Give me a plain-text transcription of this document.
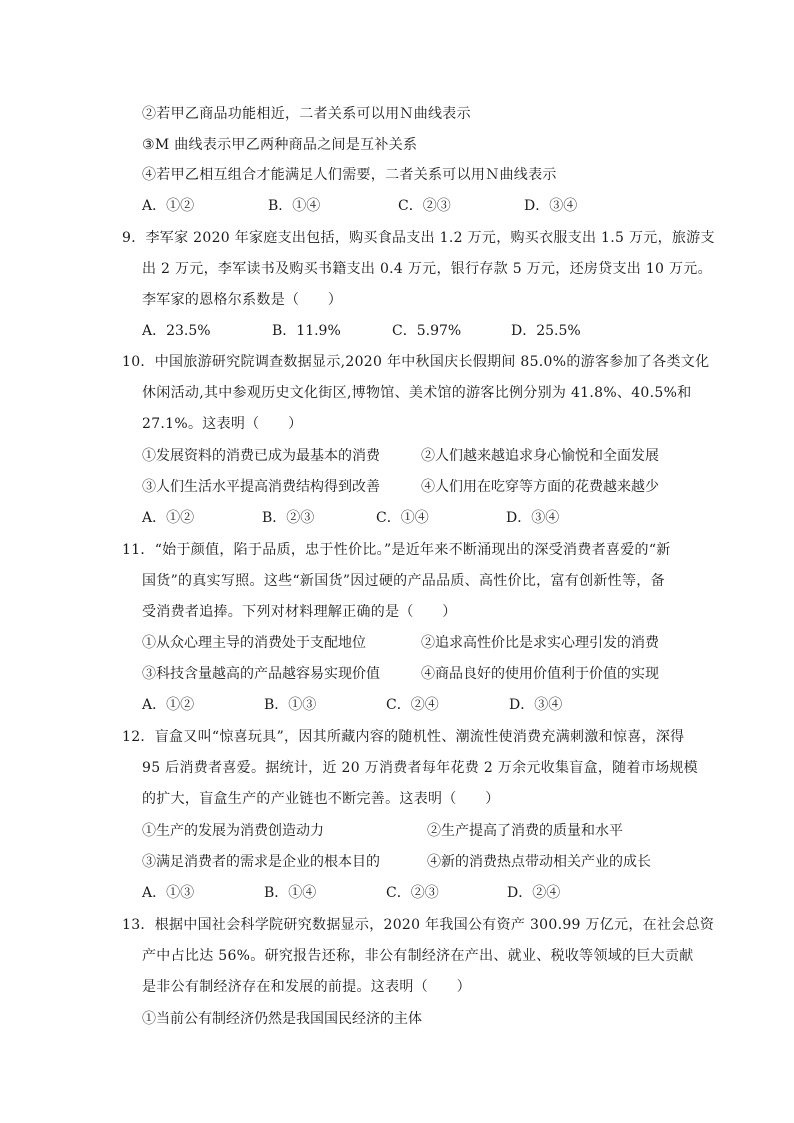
②若甲乙商品功能相近，二者关系可以用Ｎ曲线表示
③M 曲线表示甲乙两种商品之间是互补关系
④若甲乙相互组合才能满足人们需要，二者关系可以用Ｎ曲线表示
A．①②	B．①④	C．②③	D．③④
9．李军家 2020 年家庭支出包括，购买食品支出 1.2 万元，购买衣服支出 1.5 万元，旅游支
出 2 万元，李军读书及购买书籍支出 0.4 万元，银行存款 5 万元，还房贷支出 10 万元。
李军家的恩格尔系数是（　　）
A．23.5%	B．11.9%	C．5.97%	D．25.5%
10．中国旅游研究院调查数据显示,2020 年中秋国庆长假期间 85.0%的游客参加了各类文化
休闲活动,其中参观历史文化街区,博物馆、美术馆的游客比例分别为 41.8%、40.5%和
27.1%。这表明（　　）
①发展资料的消费已成为最基本的消费	②人们越来越追求身心愉悦和全面发展
③人们生活水平提高消费结构得到改善	④人们用在吃穿等方面的花费越来越少
A．①②	B．②③	C．①④	D．③④
11．“始于颜值，陷于品质，忠于性价比。”是近年来不断涌现出的深受消费者喜爱的“新
国货”的真实写照。这些“新国货”因过硬的产品品质、高性价比，富有创新性等，备
受消费者追捧。下列对材料理解正确的是（　　）
①从众心理主导的消费处于支配地位	②追求高性价比是求实心理引发的消费
③科技含量越高的产品越容易实现价值	④商品良好的使用价值利于价值的实现
A．①②	B．①③	C．②④	D．③④
12．盲盒又叫“惊喜玩具”，因其所藏内容的随机性、潮流性使消费充满刺激和惊喜，深得
95 后消费者喜爱。据统计，近 20 万消费者每年花费 2 万余元收集盲盒，随着市场规模
的扩大，盲盒生产的产业链也不断完善。这表明（　　）
①生产的发展为消费创造动力	②生产提高了消费的质量和水平
③满足消费者的需求是企业的根本目的	④新的消费热点带动相关产业的成长
A．①③	B．①④	C．②③	D．②④
13．根据中国社会科学院研究数据显示，2020 年我国公有资产 300.99 万亿元，在社会总资
产中占比达 56%。研究报告还称，非公有制经济在产出、就业、税收等领域的巨大贡献
是非公有制经济存在和发展的前提。这表明（　　）
①当前公有制经济仍然是我国国民经济的主体
